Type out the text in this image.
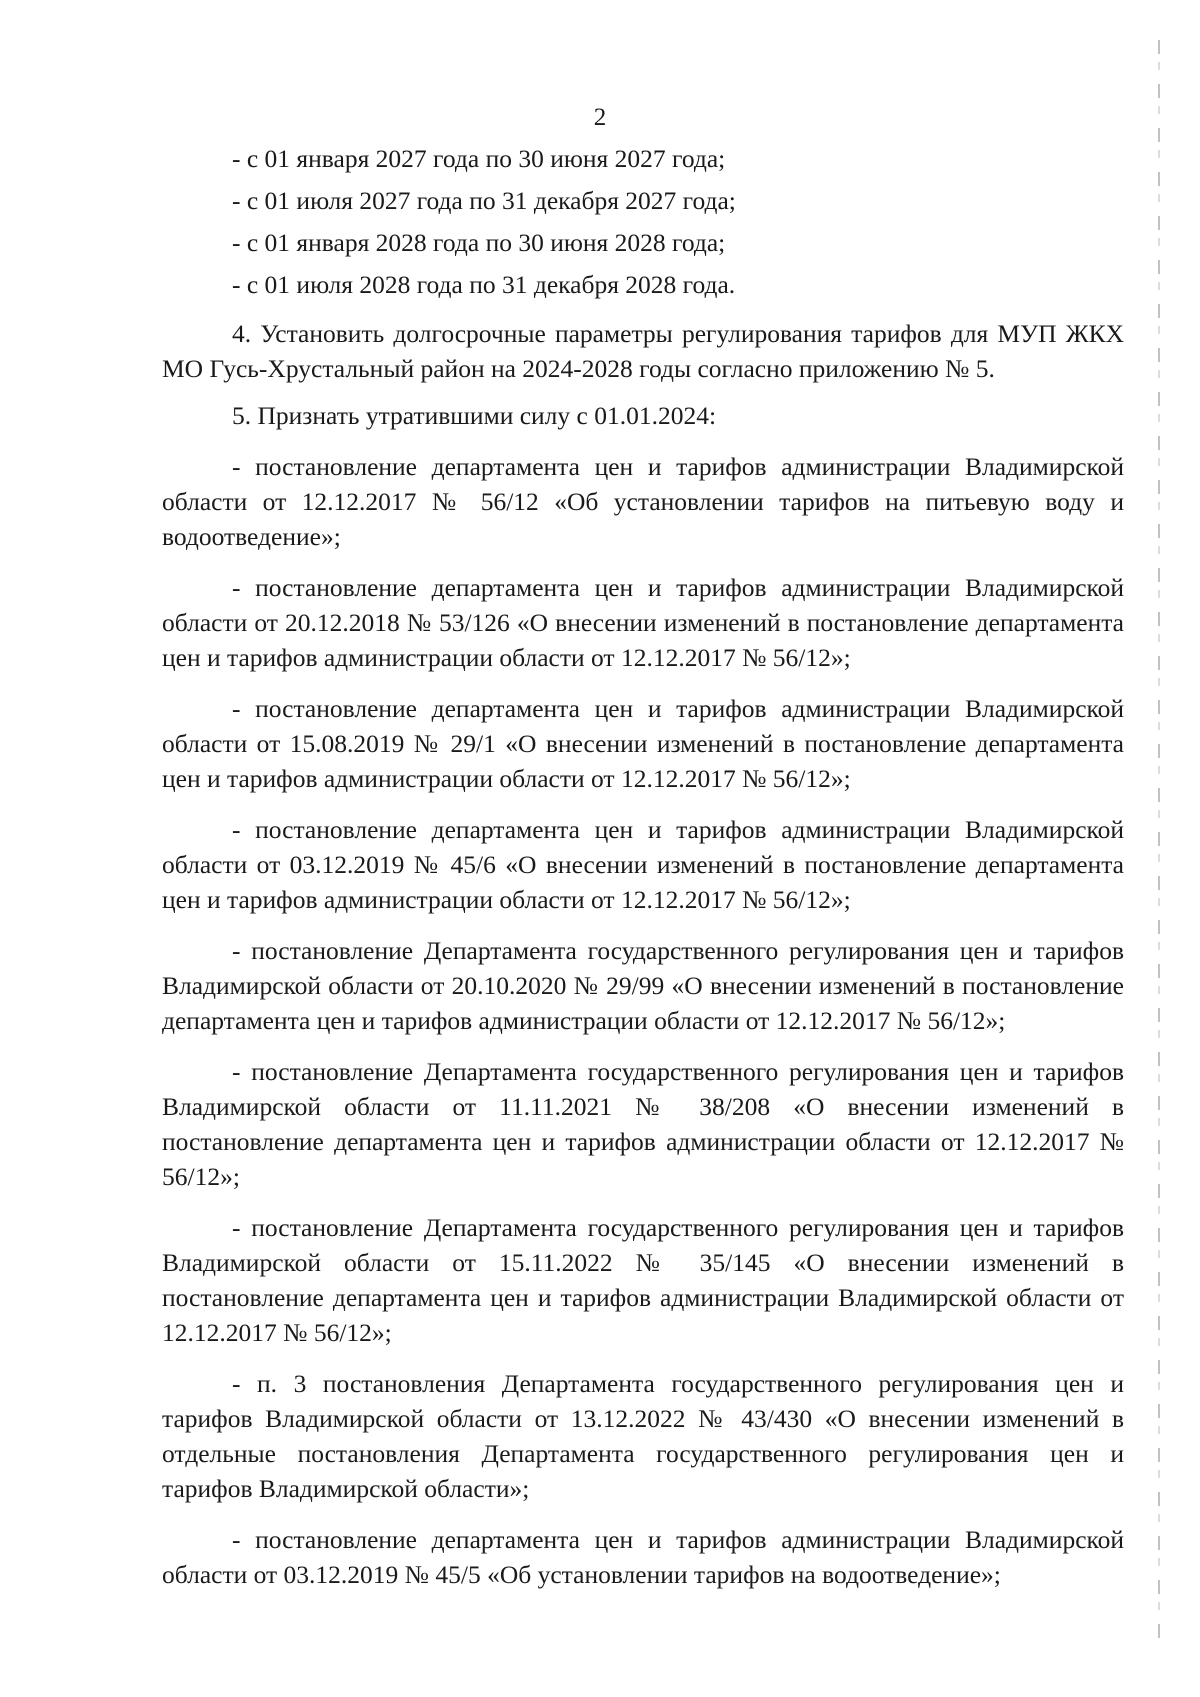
2

- с 01 января 2027 года по 30 июня 2027 года;

- с 01 июля 2027 года по 31 декабря 2027 года;

- с 01 января 2028 года по 30 июня 2028 года;

- с 01 июля 2028 года по 31 декабря 2028 года.

4. Установить долгосрочные параметры регулирования тарифов для МУП ЖКХ МО Гусь-Хрустальный район на 2024-2028 годы согласно приложению № 5.

5. Признать утратившими силу с 01.01.2024:

- постановление департамента цен и тарифов администрации Владимирской области от 12.12.2017 № 56/12 «Об установлении тарифов на питьевую воду и водоотведение»;

- постановление департамента цен и тарифов администрации Владимирской области от 20.12.2018 № 53/126 «О внесении изменений в постановление департамента цен и тарифов администрации области от 12.12.2017 № 56/12»;

- постановление департамента цен и тарифов администрации Владимирской области от 15.08.2019 № 29/1 «О внесении изменений в постановление департамента цен и тарифов администрации области от 12.12.2017 № 56/12»;

- постановление департамента цен и тарифов администрации Владимирской области от 03.12.2019 № 45/6 «О внесении изменений в постановление департамента цен и тарифов администрации области от 12.12.2017 № 56/12»;

- постановление Департамента государственного регулирования цен и тарифов Владимирской области от 20.10.2020 № 29/99 «О внесении изменений в постановление департамента цен и тарифов администрации области от 12.12.2017 № 56/12»;

- постановление Департамента государственного регулирования цен и тарифов Владимирской области от 11.11.2021 № 38/208 «О внесении изменений в постановление департамента цен и тарифов администрации области от 12.12.2017 № 56/12»;

- постановление Департамента государственного регулирования цен и тарифов Владимирской области от 15.11.2022 № 35/145 «О внесении изменений в постановление департамента цен и тарифов администрации Владимирской области от 12.12.2017 № 56/12»;

- п. 3 постановления Департамента государственного регулирования цен и тарифов Владимирской области от 13.12.2022 № 43/430 «О внесении изменений в отдельные постановления Департамента государственного регулирования цен и тарифов Владимирской области»;

- постановление департамента цен и тарифов администрации Владимирской области от 03.12.2019 № 45/5 «Об установлении тарифов на водоотведение»;
